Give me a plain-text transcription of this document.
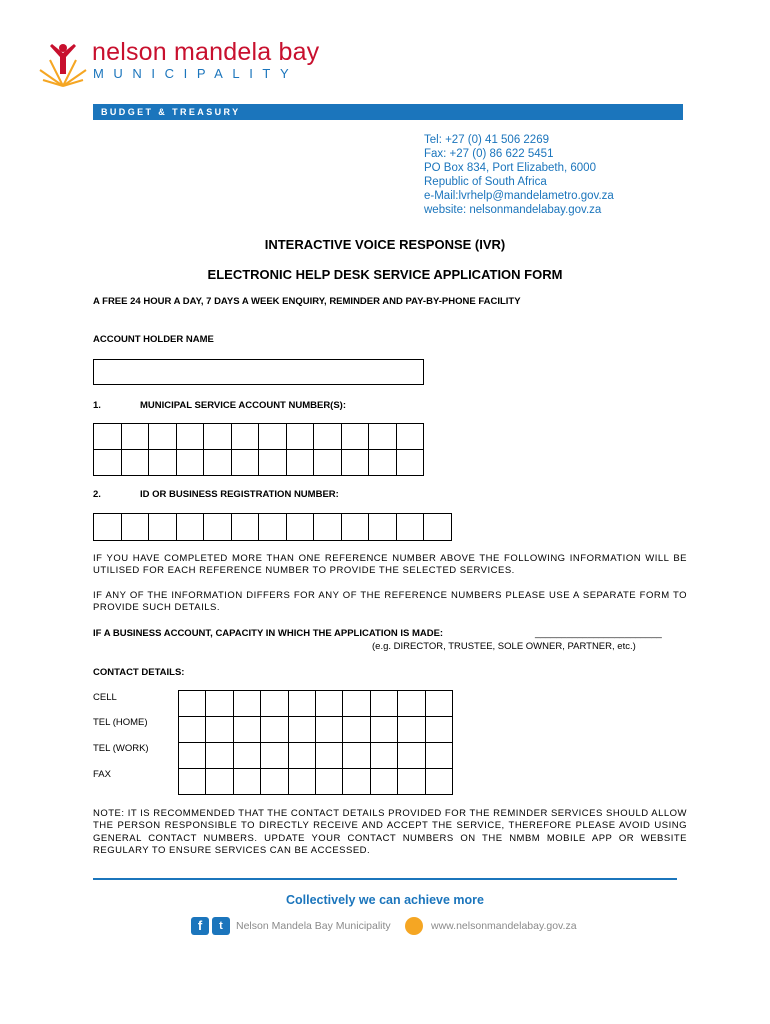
nelson mandela bay
MUNICIPALITY
BUDGET & TREASURY
Tel: +27 (0) 41 506 2269
Fax: +27 (0) 86 622 5451
PO Box 834, Port Elizabeth, 6000
Republic of South Africa
e-Mail:lvrhelp@mandelametro.gov.za
website: nelsonmandelabay.gov.za
INTERACTIVE VOICE RESPONSE (IVR)
ELECTRONIC HELP DESK SERVICE APPLICATION FORM
A FREE 24 HOUR A DAY, 7 DAYS A WEEK ENQUIRY, REMINDER AND PAY-BY-PHONE FACILITY
ACCOUNT HOLDER NAME
1.	MUNICIPAL SERVICE ACCOUNT NUMBER(S):

2.	ID OR BUSINESS REGISTRATION NUMBER:

IF YOU HAVE COMPLETED MORE THAN ONE REFERENCE NUMBER ABOVE THE FOLLOWING INFORMATION WILL BE UTILISED FOR EACH REFERENCE NUMBER TO PROVIDE THE SELECTED SERVICES.
IF ANY OF THE INFORMATION DIFFERS FOR ANY OF THE REFERENCE NUMBERS PLEASE USE A SEPARATE FORM TO PROVIDE SUCH DETAILS.
IF A BUSINESS ACCOUNT, CAPACITY IN WHICH THE APPLICATION IS MADE:	________________________
(e.g. DIRECTOR, TRUSTEE, SOLE OWNER, PARTNER, etc.)
CONTACT DETAILS:
CELL
TEL (HOME)
TEL (WORK)
FAX

NOTE: IT IS RECOMMENDED THAT THE CONTACT DETAILS PROVIDED FOR THE REMINDER SERVICES SHOULD ALLOW THE PERSON RESPONSIBLE TO DIRECTLY RECEIVE AND ACCEPT THE SERVICE, THEREFORE PLEASE AVOID USING GENERAL CONTACT NUMBERS. UPDATE YOUR CONTACT NUMBERS ON THE NMBM MOBILE APP OR WEBSITE REGULARY TO ENSURE SERVICES CAN BE ACCESSED.
Collectively we can achieve more
f	t	Nelson Mandela Bay Municipality	www.nelsonmandelabay.gov.za
